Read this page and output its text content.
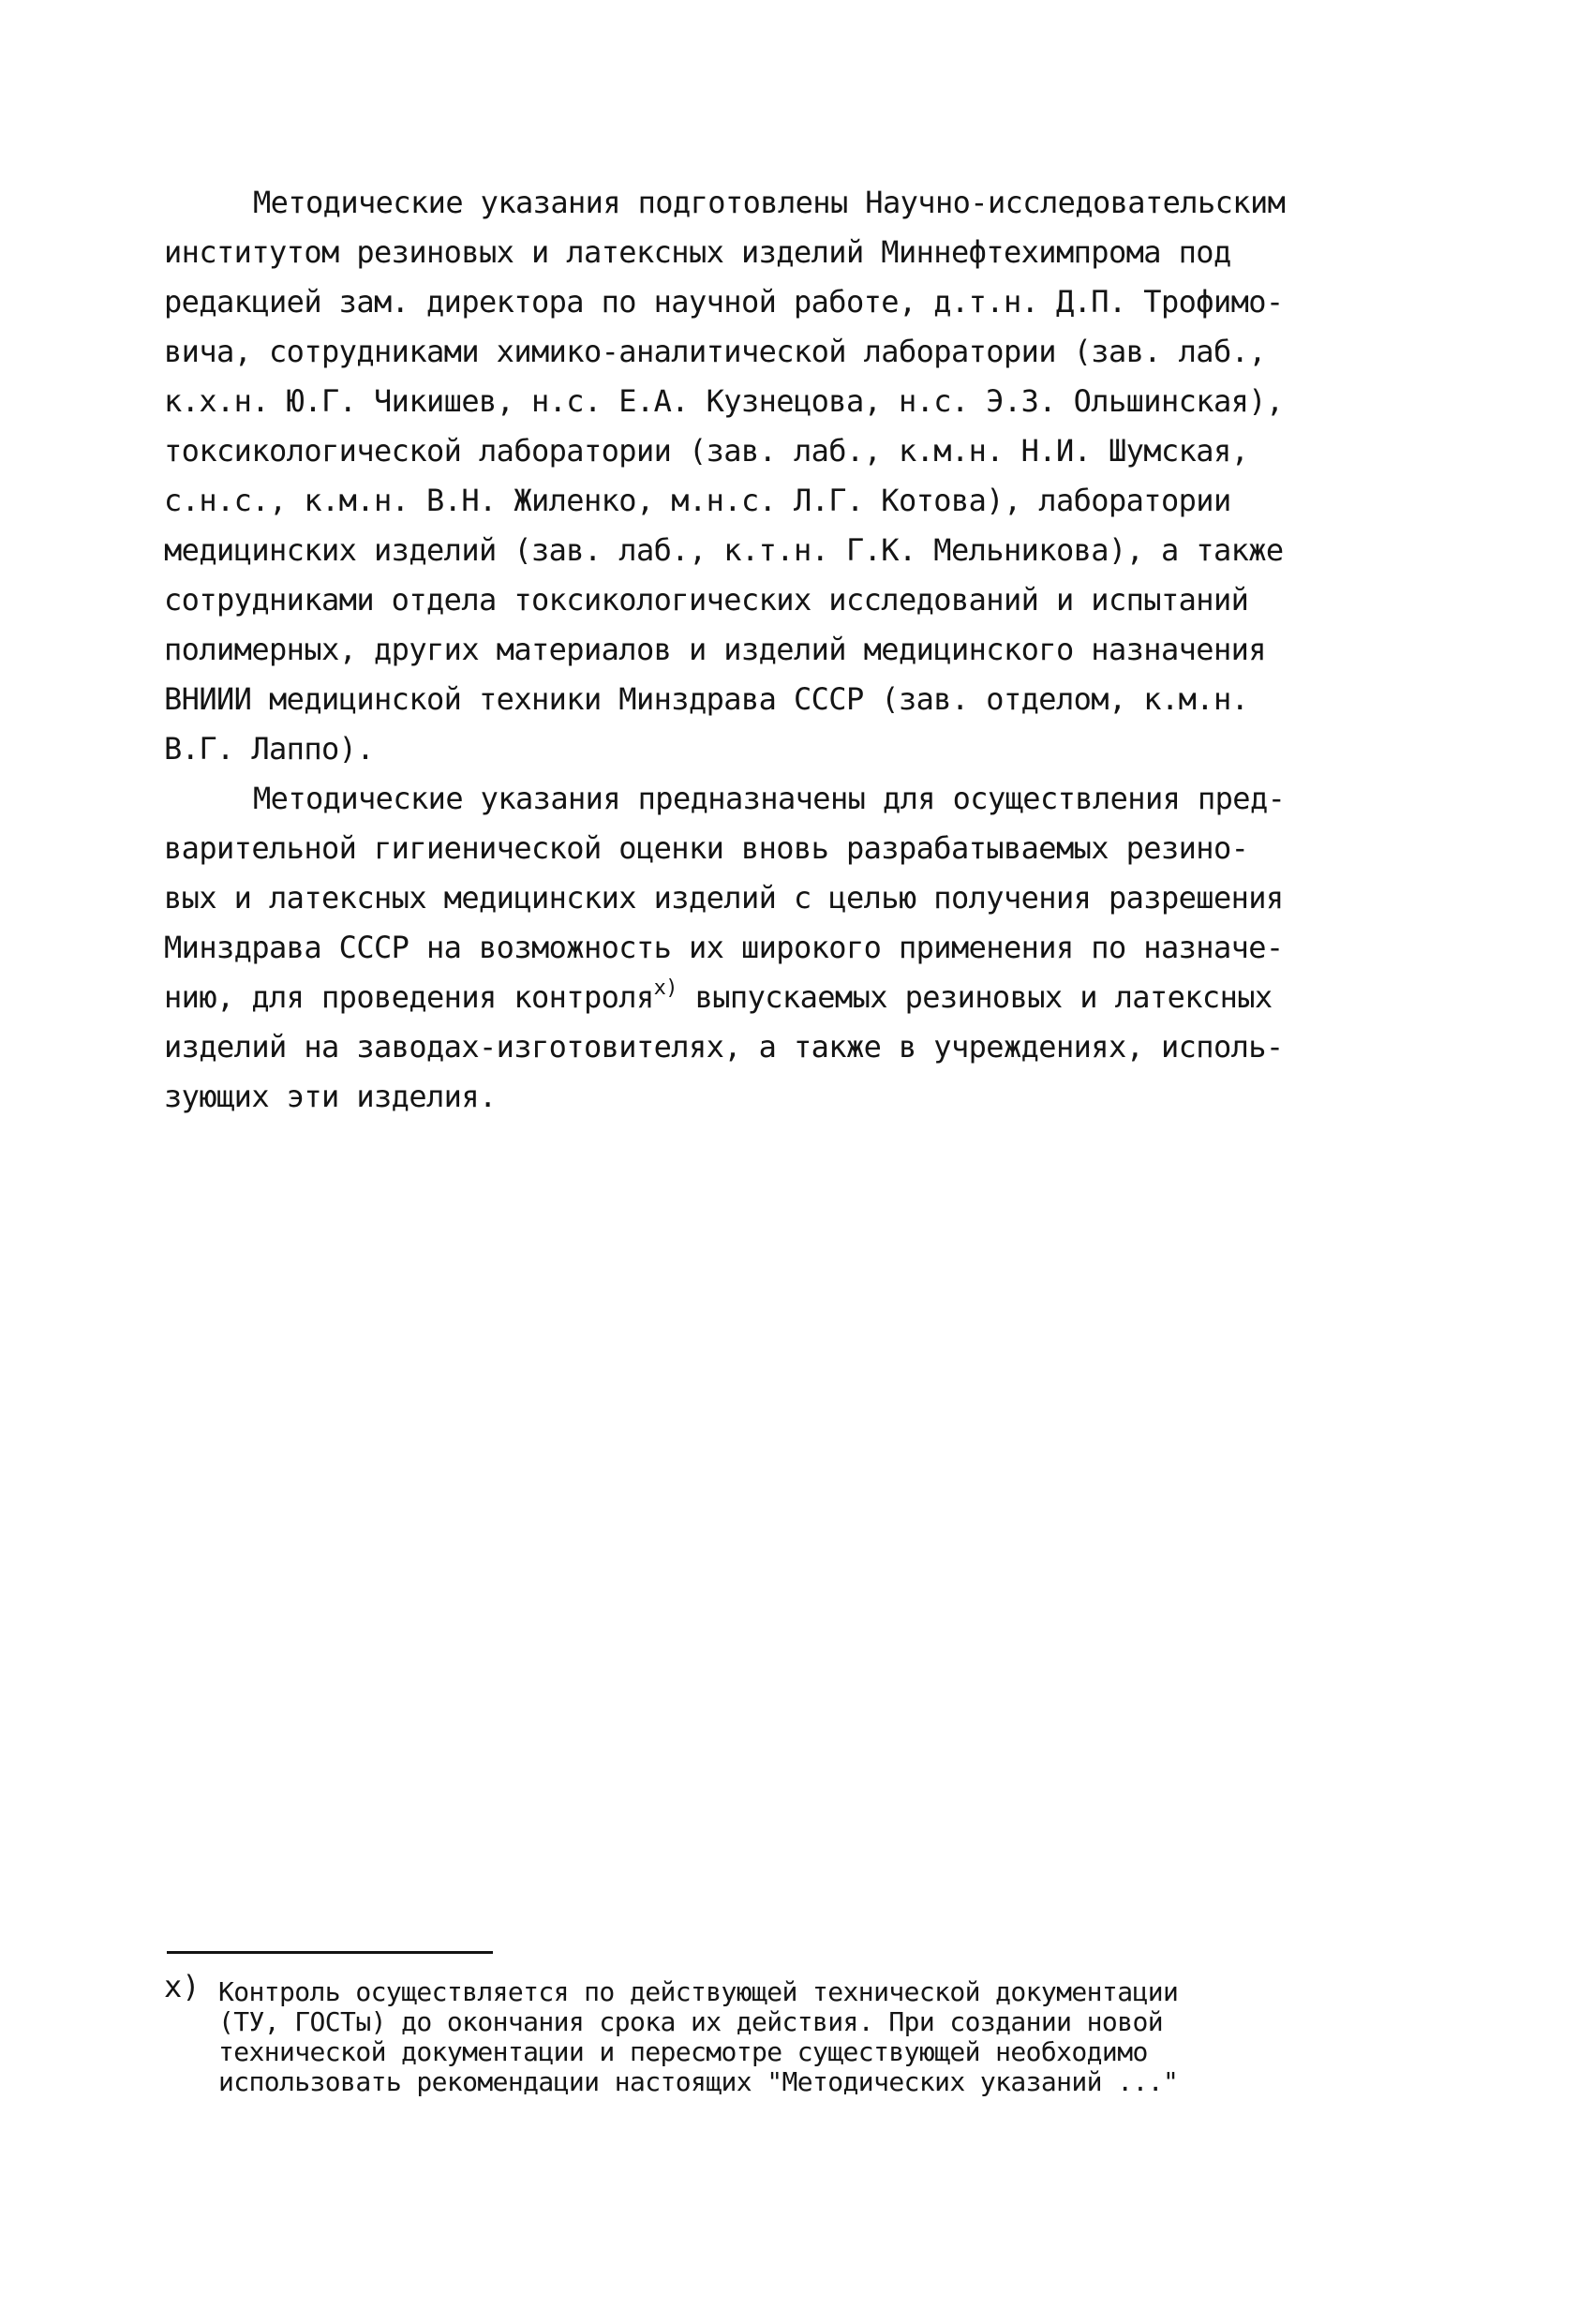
Методические указания подготовлены Научно-исследовательским

институтом резиновых и латексных изделий Миннефтехимпрома под

редакцией зам. директора по научной работе, д.т.н. Д.П. Трофимо-

вича, сотрудниками химико-аналитической лаборатории (зав. лаб.,

к.х.н. Ю.Г. Чикишев, н.с. Е.А. Кузнецова, н.с. Э.З. Ольшинская),

токсикологической лаборатории (зав. лаб., к.м.н. Н.И. Шумская,

с.н.с., к.м.н. В.Н. Жиленко, м.н.с. Л.Г. Котова), лаборатории

медицинских изделий (зав. лаб., к.т.н. Г.К. Мельникова), а также

сотрудниками отдела токсикологических исследований и испытаний

полимерных, других материалов и изделий медицинского назначения

ВНИИИ медицинской техники Минздрава СССР (зав. отделом, к.м.н.

В.Г. Лаппо).

Методические указания предназначены для осуществления пред-

варительной гигиенической оценки вновь разрабатываемых резино-

вых и латексных медицинских изделий с целью получения разрешения

Минздрава СССР на возможность их широкого применения по назначе-

нию, для проведения контроля$^{x)}$ выпускаемых резиновых и латексных

изделий на заводах-изготовителях, а также в учреждениях, исполь-

зующих эти изделия.

x) Контроль осуществляется по действующей технической документации

(ТУ, ГОСТы) до окончания срока их действия. При создании новой

технической документации и пересмотре существующей необходимо

использовать рекомендации настоящих "Методических указаний ..."
